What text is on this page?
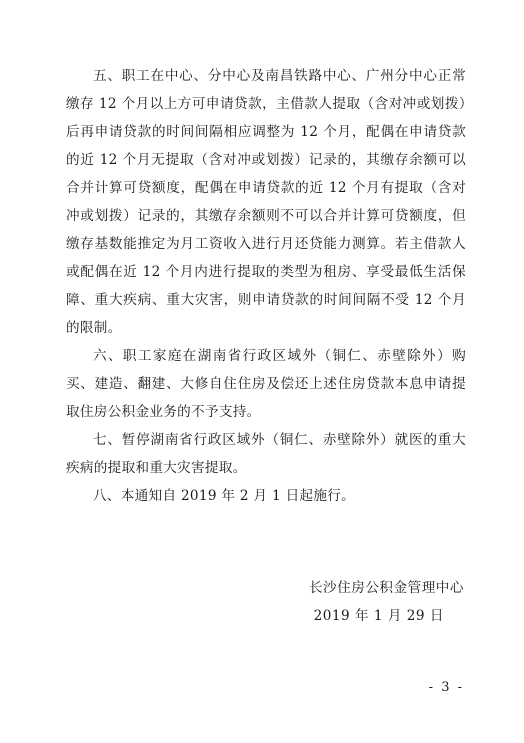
五、职工在中心、分中心及南昌铁路中心、广州分中心正常缴存 12 个月以上方可申请贷款，主借款人提取（含对冲或划拨）后再申请贷款的时间间隔相应调整为 12 个月，配偶在申请贷款的近 12 个月无提取（含对冲或划拨）记录的，其缴存余额可以合并计算可贷额度，配偶在申请贷款的近 12 个月有提取（含对冲或划拨）记录的，其缴存余额则不可以合并计算可贷额度，但缴存基数能推定为月工资收入进行月还贷能力测算。若主借款人或配偶在近 12 个月内进行提取的类型为租房、享受最低生活保障、重大疾病、重大灾害，则申请贷款的时间间隔不受 12 个月的限制。

六、职工家庭在湖南省行政区域外（铜仁、赤壁除外）购买、建造、翻建、大修自住住房及偿还上述住房贷款本息申请提取住房公积金业务的不予支持。

七、暂停湖南省行政区域外（铜仁、赤壁除外）就医的重大疾病的提取和重大灾害提取。

八、本通知自 2019 年 2 月 1 日起施行。

长沙住房公积金管理中心
2019 年 1 月 29 日
- 3 -
